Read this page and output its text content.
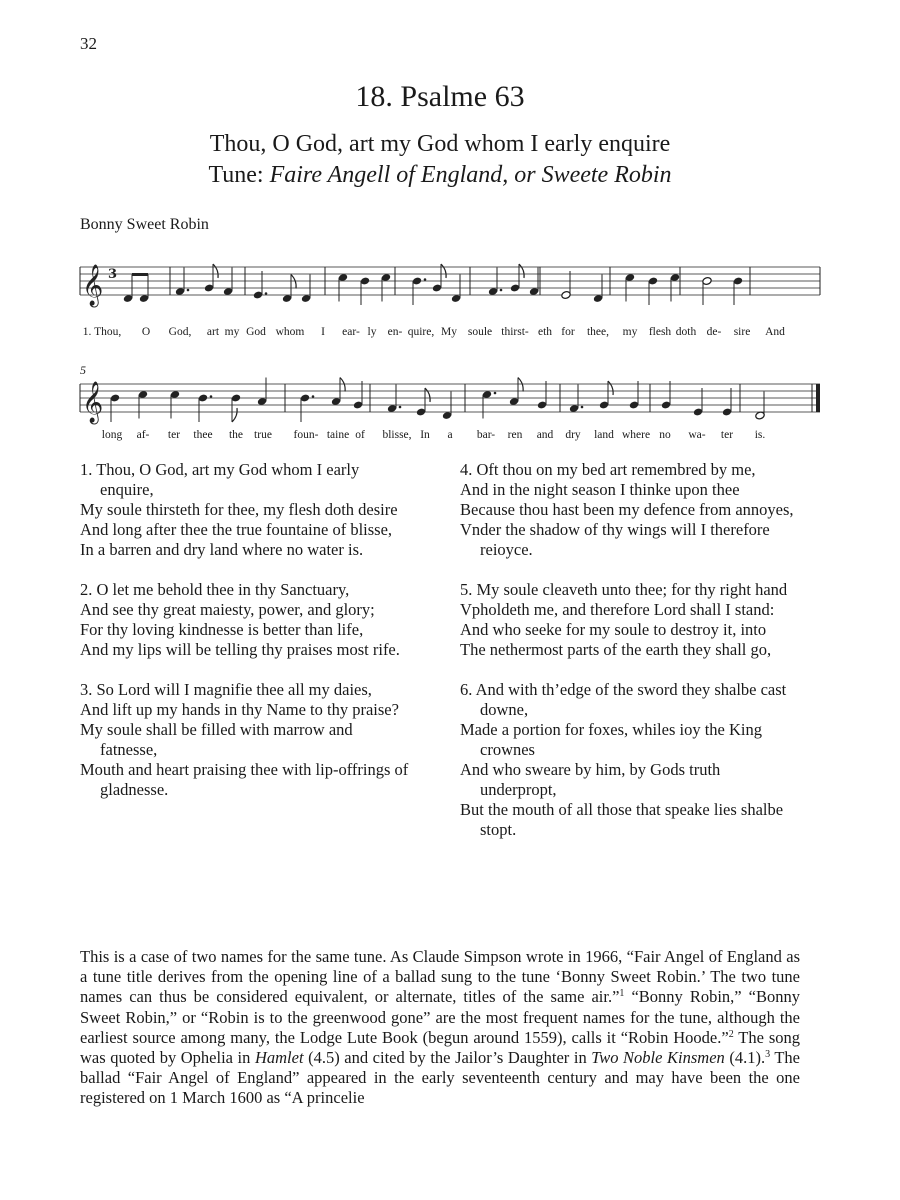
32
18. Psalme 63
Thou, O God, art my God whom I early enquire
Tune: Faire Angell of England, or Sweete Robin
Bonny Sweet Robin
𝄞 3
1. Thou, O God, art my God whom I ear- ly en- quire, My soule thirst- eth for thee, my flesh doth de- sire And
5
𝄞
long af- ter thee the true foun- taine of blisse, In a bar- ren and dry land where no wa- ter is.
1. Thou, O God, art my God whom I early enquire,
My soule thirsteth for thee, my flesh doth desire
And long after thee the true fountaine of blisse,
In a barren and dry land where no water is.
2. O let me behold thee in thy Sanctuary,
And see thy great maiesty, power, and glory;
For thy loving kindnesse is better than life,
And my lips will be telling thy praises most rife.
3. So Lord will I magnifie thee all my daies,
And lift up my hands in thy Name to thy praise?
My soule shall be filled with marrow and fatnesse,
Mouth and heart praising thee with lip-offrings of gladnesse.
4. Oft thou on my bed art remembred by me,
And in the night season I thinke upon thee
Because thou hast been my defence from annoyes,
Vnder the shadow of thy wings will I therefore reioyce.
5. My soule cleaveth unto thee; for thy right hand
Vpholdeth me, and therefore Lord shall I stand:
And who seeke for my soule to destroy it, into
The nethermost parts of the earth they shall go,
6. And with th’edge of the sword they shalbe cast downe,
Made a portion for foxes, whiles ioy the King crownes
And who sweare by him, by Gods truth underpropt,
But the mouth of all those that speake lies shalbe stopt.
This is a case of two names for the same tune. As Claude Simpson wrote in 1966, “Fair Angel of England as a tune title derives from the opening line of a ballad sung to the tune ‘Bonny Sweet Robin.’ The two tune names can thus be considered equivalent, or alternate, titles of the same air.”$^1$ “Bonny Robin,” “Bonny Sweet Robin,” or “Robin is to the greenwood gone” are the most frequent names for the tune, although the earliest source among many, the Lodge Lute Book (begun around 1559), calls it “Robin Hoode.”$^2$ The song was quoted by Ophelia in Hamlet (4.5) and cited by the Jailor’s Daughter in Two Noble Kinsmen (4.1).$^3$ The ballad “Fair Angel of England” appeared in the early seventeenth century and may have been the one registered on 1 March 1600 as “A princelie
